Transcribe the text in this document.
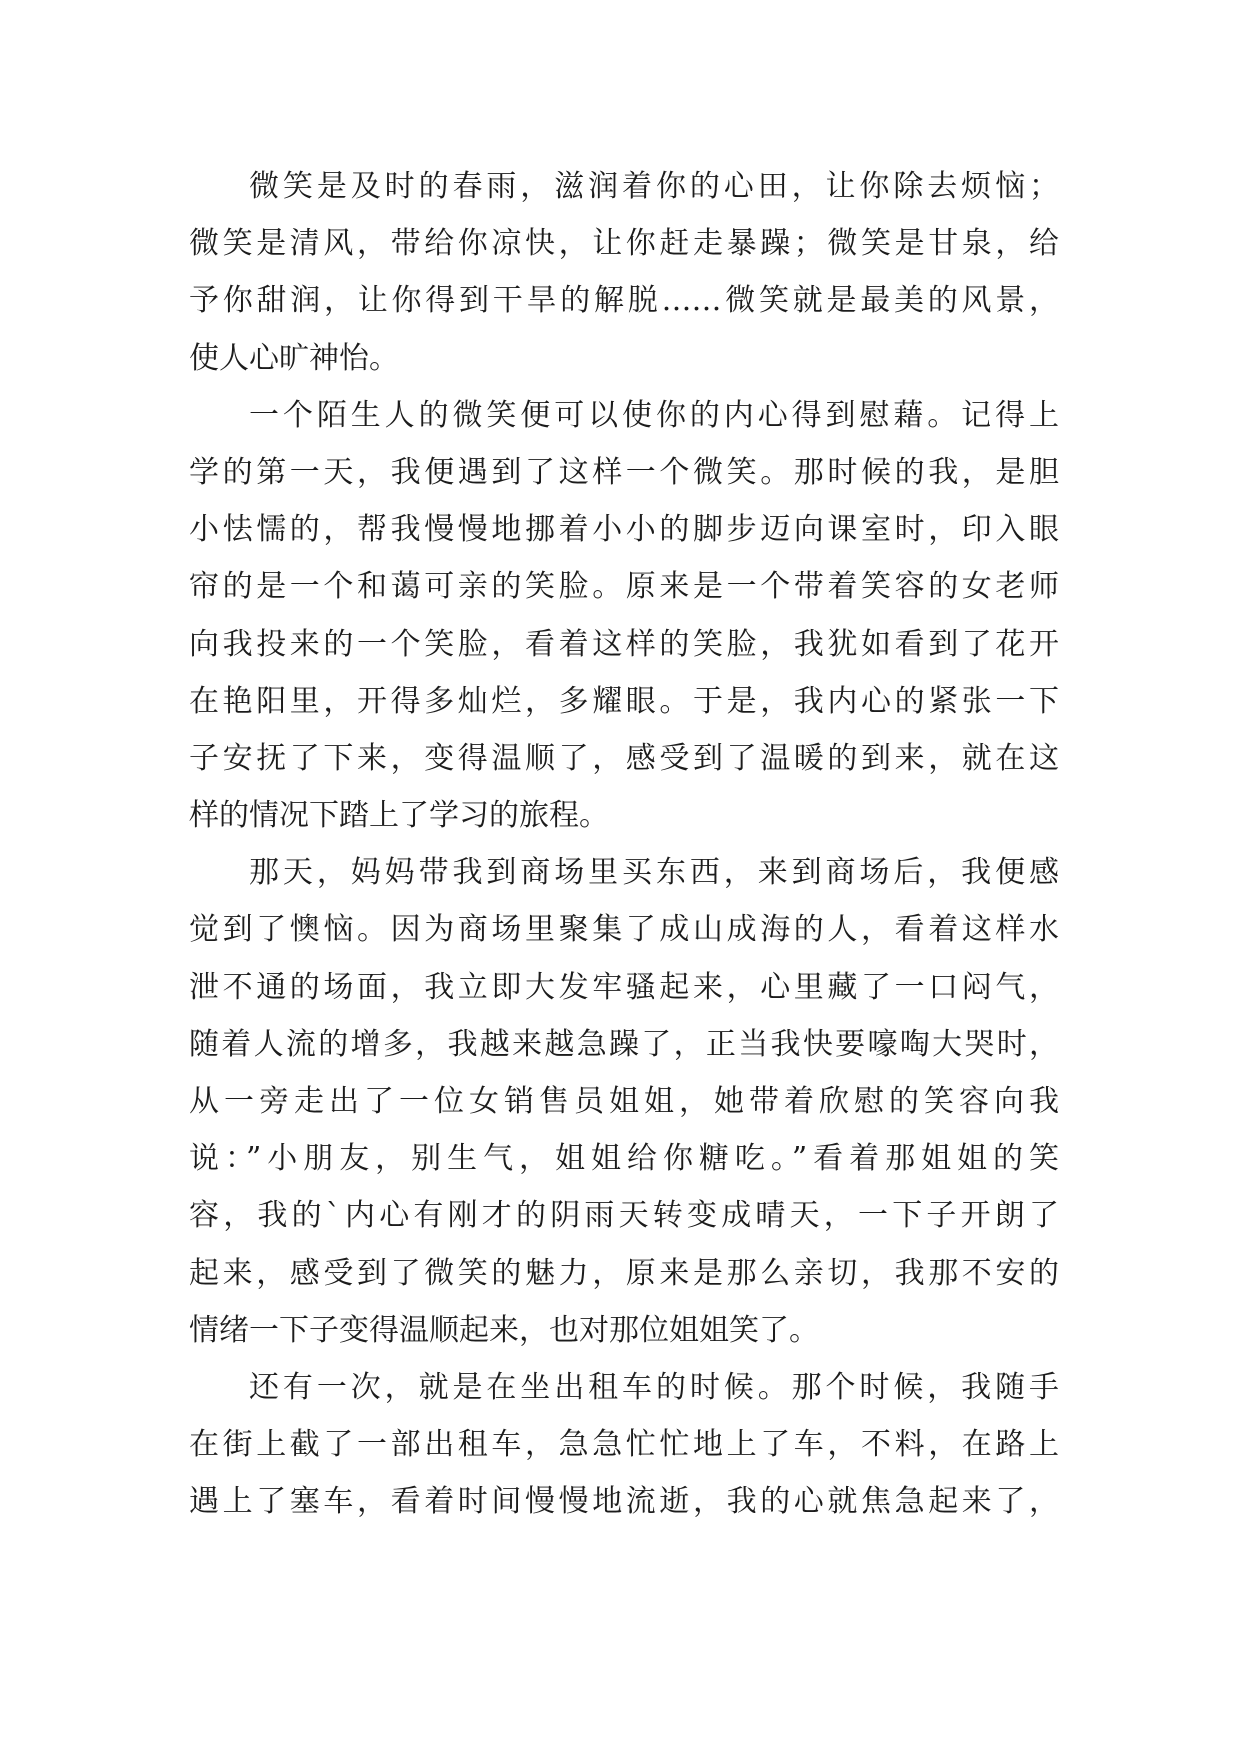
微笑是及时的春雨，滋润着你的心田，让你除去烦恼；
微笑是清风，带给你凉快，让你赶走暴躁；微笑是甘泉，给
予你甜润，让你得到干旱的解脱……微笑就是最美的风景，
使人心旷神怡。
一个陌生人的微笑便可以使你的内心得到慰藉。记得上
学的第一天，我便遇到了这样一个微笑。那时候的我，是胆
小怯懦的，帮我慢慢地挪着小小的脚步迈向课室时，印入眼
帘的是一个和蔼可亲的笑脸。原来是一个带着笑容的女老师
向我投来的一个笑脸，看着这样的笑脸，我犹如看到了花开
在艳阳里，开得多灿烂，多耀眼。于是，我内心的紧张一下
子安抚了下来，变得温顺了，感受到了温暖的到来，就在这
样的情况下踏上了学习的旅程。
那天，妈妈带我到商场里买东西，来到商场后，我便感
觉到了懊恼。因为商场里聚集了成山成海的人，看着这样水
泄不通的场面，我立即大发牢骚起来，心里藏了一口闷气，
随着人流的增多，我越来越急躁了，正当我快要嚎啕大哭时，
从一旁走出了一位女销售员姐姐，她带着欣慰的笑容向我
说：”小朋友，别生气，姐姐给你糖吃。”看着那姐姐的笑
容，我的`内心有刚才的阴雨天转变成晴天，一下子开朗了
起来，感受到了微笑的魅力，原来是那么亲切，我那不安的
情绪一下子变得温顺起来，也对那位姐姐笑了。
还有一次，就是在坐出租车的时候。那个时候，我随手
在街上截了一部出租车，急急忙忙地上了车，不料，在路上
遇上了塞车，看着时间慢慢地流逝，我的心就焦急起来了，
